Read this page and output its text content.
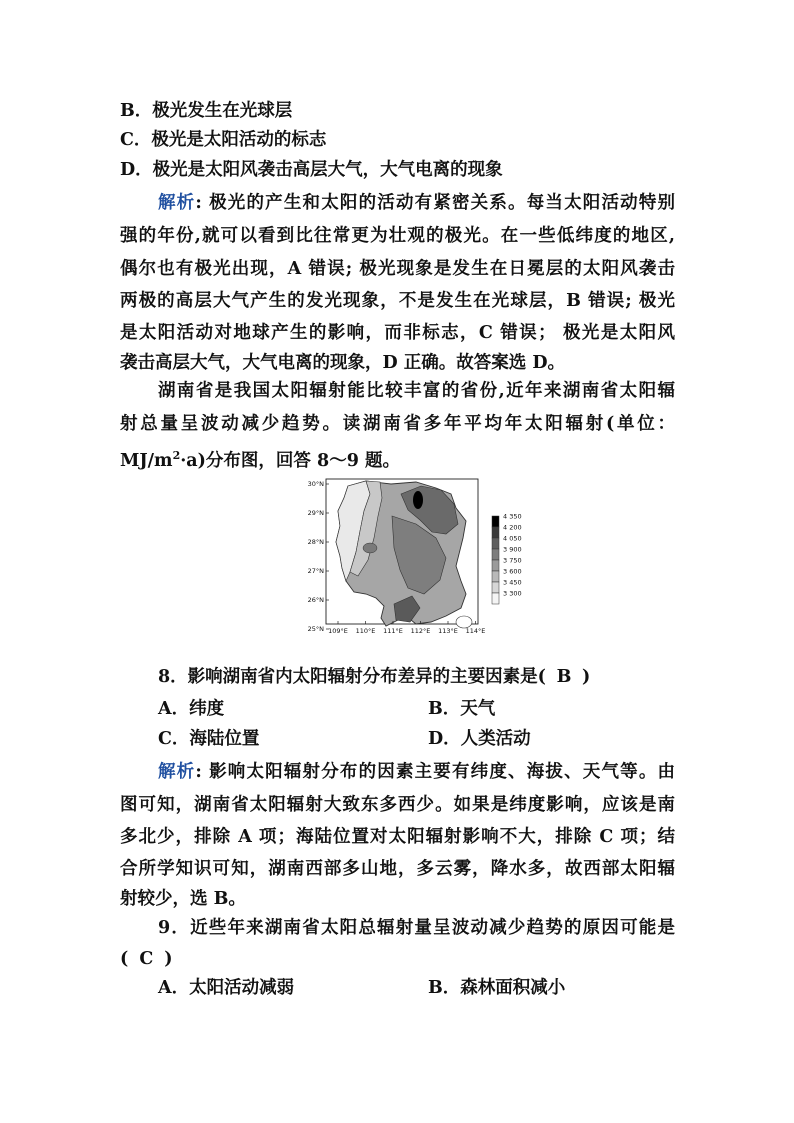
B．极光发生在光球层
C．极光是太阳活动的标志
D．极光是太阳风袭击高层大气，大气电离的现象
解析: 极光的产生和太阳的活动有紧密关系。每当太阳活动特别
强的年份,就可以看到比往常更为壮观的极光。在一些低纬度的地区,
偶尔也有极光出现，A 错误; 极光现象是发生在日冕层的太阳风袭击
两极的高层大气产生的发光现象，不是发生在光球层，B 错误; 极光
是太阳活动对地球产生的影响，而非标志，C 错误； 极光是太阳风
袭击高层大气，大气电离的现象，D 正确。故答案选 D。
湖南省是我国太阳辐射能比较丰富的省份,近年来湖南省太阳辐
射总量呈波动减少趋势。读湖南省多年平均年太阳辐射(单位：
$MJ/m^2\cdot a$)分布图，回答 8～9 题。
30°N
29°N
28°N
27°N
26°N
25°N 109°E 110°E 111°E 112°E 113°E 114°E
4 350
4 200
4 050
3 900
3 750
3 600
3 450
3 300
8．影响湖南省内太阳辐射分布差异的主要因素是( B )
A．纬度	B．天气
C．海陆位置	D．人类活动
解析: 影响太阳辐射分布的因素主要有纬度、海拔、天气等。由
图可知，湖南省太阳辐射大致东多西少。如果是纬度影响，应该是南
多北少，排除 A 项；海陆位置对太阳辐射影响不大，排除 C 项；结
合所学知识可知，湖南西部多山地，多云雾，降水多，故西部太阳辐
射较少，选 B。
9．近些年来湖南省太阳总辐射量呈波动减少趋势的原因可能是
( C )
A．太阳活动减弱	B．森林面积减小
